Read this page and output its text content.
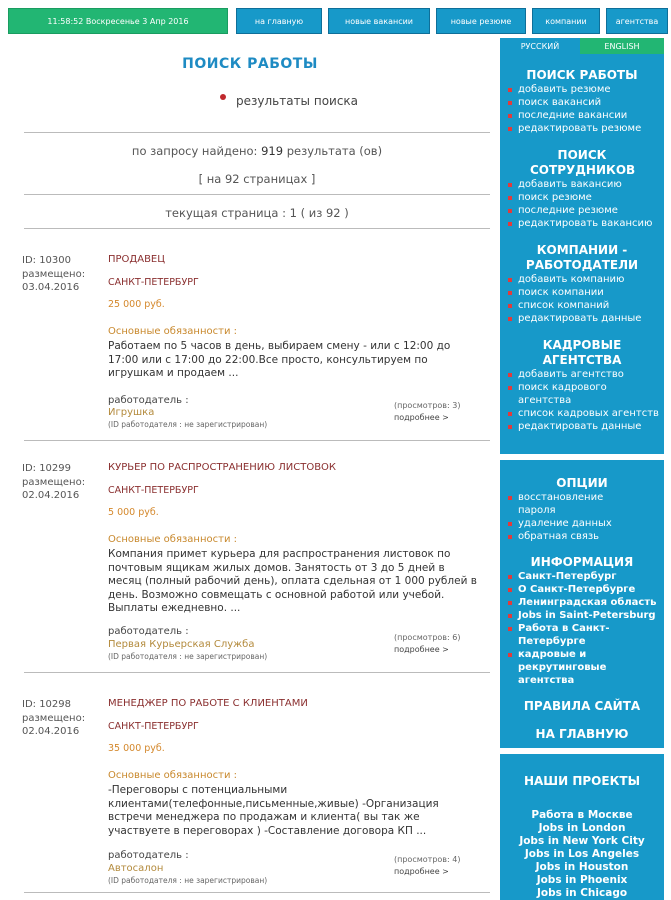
11:58:52 Воскресенье 3 Апр 2016	на главную	новые вакансии	новые резюме	компании	агентства
РУССКИЙ	ENGLISH
ПОИСК РАБОТЫ
результаты поиска
по запросу найдено: 919 результата (ов)
[ на 92 страницах ]
текущая страница : 1 ( из 92 )
ID: 10300
размещено:
03.04.2016
ПРОДАВЕЦ
САНКТ-ПЕТЕРБУРГ
25 000 руб.
Основные обязанности :
Работаем по 5 часов в день, выбираем смену - или с 12:00 до 17:00 или с 17:00 до 22:00.Все просто, консультируем по игрушкам и продаем ...
работодатель :
Игрушка
(ID работодателя : не зарегистрирован)
(просмотров: 3)
подробнее >
ID: 10299
размещено:
02.04.2016
КУРЬЕР ПО РАСПРОСТРАНЕНИЮ ЛИСТОВОК
САНКТ-ПЕТЕРБУРГ
5 000 руб.
Основные обязанности :
Компания примет курьера для распространения листовок по почтовым ящикам жилых домов. Занятость от 3 до 5 дней в месяц (полный рабочий день), оплата сдельная от 1 000 рублей в день. Возможно совмещать с основной работой или учебой. Выплаты ежедневно. ...
работодатель :
Первая Курьерская Служба
(ID работодателя : не зарегистрирован)
(просмотров: 6)
подробнее >
ID: 10298
размещено:
02.04.2016
МЕНЕДЖЕР ПО РАБОТЕ С КЛИЕНТАМИ
САНКТ-ПЕТЕРБУРГ
35 000 руб.
Основные обязанности :
-Переговоры с потенциальными клиентами(телефонные,письменные,живые) -Организация встречи менеджера по продажам и клиента( вы так же участвуете в переговорах ) -Составление договора КП ...
работодатель :
Автосалон
(ID работодателя : не зарегистрирован)
(просмотров: 4)
подробнее >
ПОИСК РАБОТЫ
добавить резюме
поиск вакансий
последние вакансии
редактировать резюме
ПОИСК СОТРУДНИКОВ
добавить вакансию
поиск резюме
последние резюме
редактировать вакансию
КОМПАНИИ - РАБОТОДАТЕЛИ
добавить компанию
поиск компании
список компаний
редактировать данные
КАДРОВЫЕ АГЕНТСТВА
добавить агентство
поиск кадрового агентства
список кадровых агентств
редактировать данные
ОПЦИИ
восстановление пароля
удаление данных
обратная связь
ИНФОРМАЦИЯ
Санкт-Петербург
О Санкт-Петербурге
Ленинградская область
Jobs in Saint-Petersburg
Работа в Санкт-Петербурге
кадровые и рекрутинговые агентства
ПРАВИЛА САЙТА
НА ГЛАВНУЮ
НАШИ ПРОЕКТЫ
Работа в Москве
Jobs in London
Jobs in New York City
Jobs in Los Angeles
Jobs in Houston
Jobs in Phoenix
Jobs in Chicago
